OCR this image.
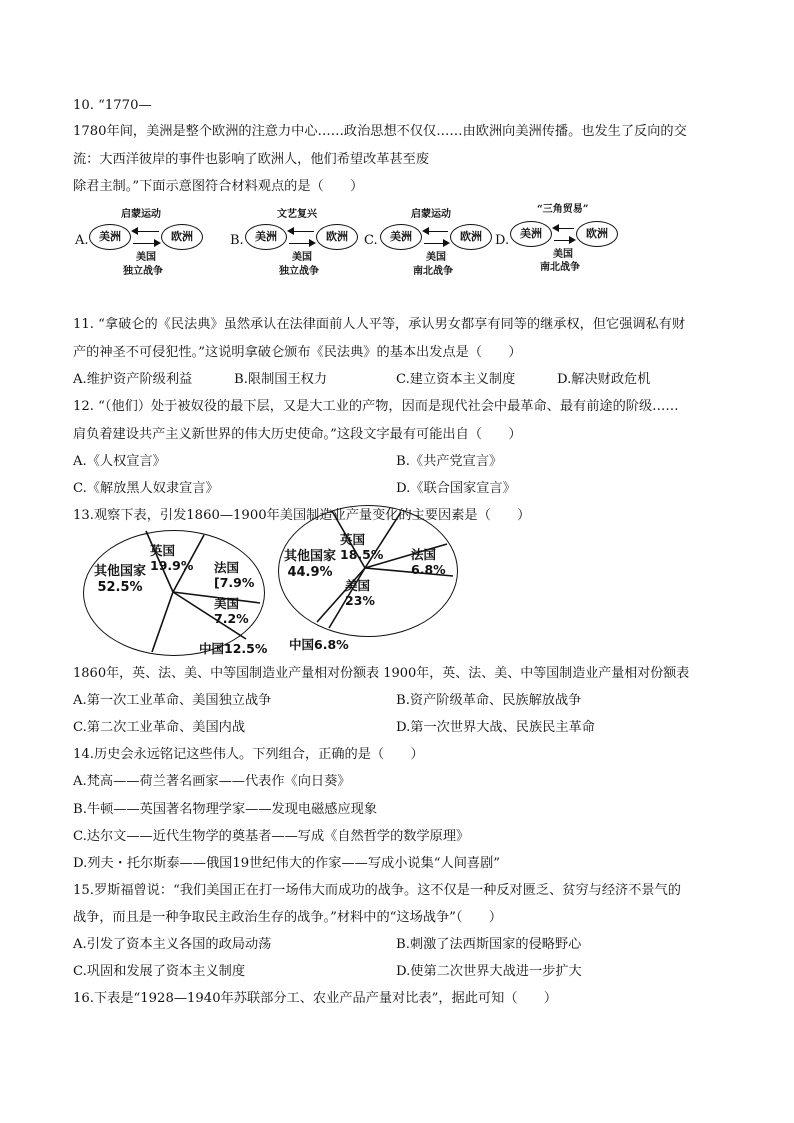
10. “1770—
1780年间，美洲是整个欧洲的注意力中心……政治思想不仅仅……由欧洲向美洲传播。也发生了反向的交
流：大西洋彼岸的事件也影响了欧洲人，他们希望改革甚至废
除君主制。”下面示意图符合材料观点的是（　　）
A.
启蒙运动
美洲	欧洲
美国
独立战争
B.
文艺复兴
美洲	欧洲
美国
独立战争
C.
启蒙运动
美洲	欧洲
美国
南北战争
D.
“三角贸易”
美洲	欧洲
美国
南北战争
11. “拿破仑的《民法典》虽然承认在法律面前人人平等，承认男女都享有同等的继承权，但它强调私有财
产的神圣不可侵犯性。”这说明拿破仑颁布《民法典》的基本出发点是（　　）
A.维护资产阶级利益	B.限制国王权力	C.建立资本主义制度	D.解决财政危机
12. “（他们）处于被奴役的最下层，又是大工业的产物，因而是现代社会中最革命、最有前途的阶级……
肩负着建设共产主义新世界的伟大历史使命。”这段文字最有可能出自（　　）
A.《人权宣言》	B.《共产党宣言》
C.《解放黑人奴隶宣言》	D.《联合国家宣言》
13.观察下表，引发1860—1900年美国制造业产量变化的主要因素是（　　）
其他国家
52.5%
英国
19.9% 法国
[7.9%
美国
7.2%
中国12.5%
其他国家
44.9%
英国
18.5% 法国
6.8%
美国
23%
中国6.8%
1860年，英、法、美、中等国制造业产量相对份额表 1900年，英、法、美、中等国制造业产量相对份额表
A.第一次工业革命、美国独立战争	B.资产阶级革命、民族解放战争
C.第二次工业革命、美国内战	D.第一次世界大战、民族民主革命
14.历史会永远铭记这些伟人。下列组合，正确的是（　　）
A.梵高——荷兰著名画家——代表作《向日葵》
B.牛顿——英国著名物理学家——发现电磁感应现象
C.达尔文——近代生物学的奠基者——写成《自然哲学的数学原理》
D.列夫・托尔斯泰——俄国19世纪伟大的作家——写成小说集“人间喜剧”
15.罗斯福曾说：“我们美国正在打一场伟大而成功的战争。这不仅是一种反对匮乏、贫穷与经济不景气的
战争，而且是一种争取民主政治生存的战争。”材料中的“这场战争”（　　）
A.引发了资本主义各国的政局动荡	B.刺激了法西斯国家的侵略野心
C.巩固和发展了资本主义制度	D.使第二次世界大战进一步扩大
16.下表是“1928—1940年苏联部分工、农业产品产量对比表”，据此可知（　　）
